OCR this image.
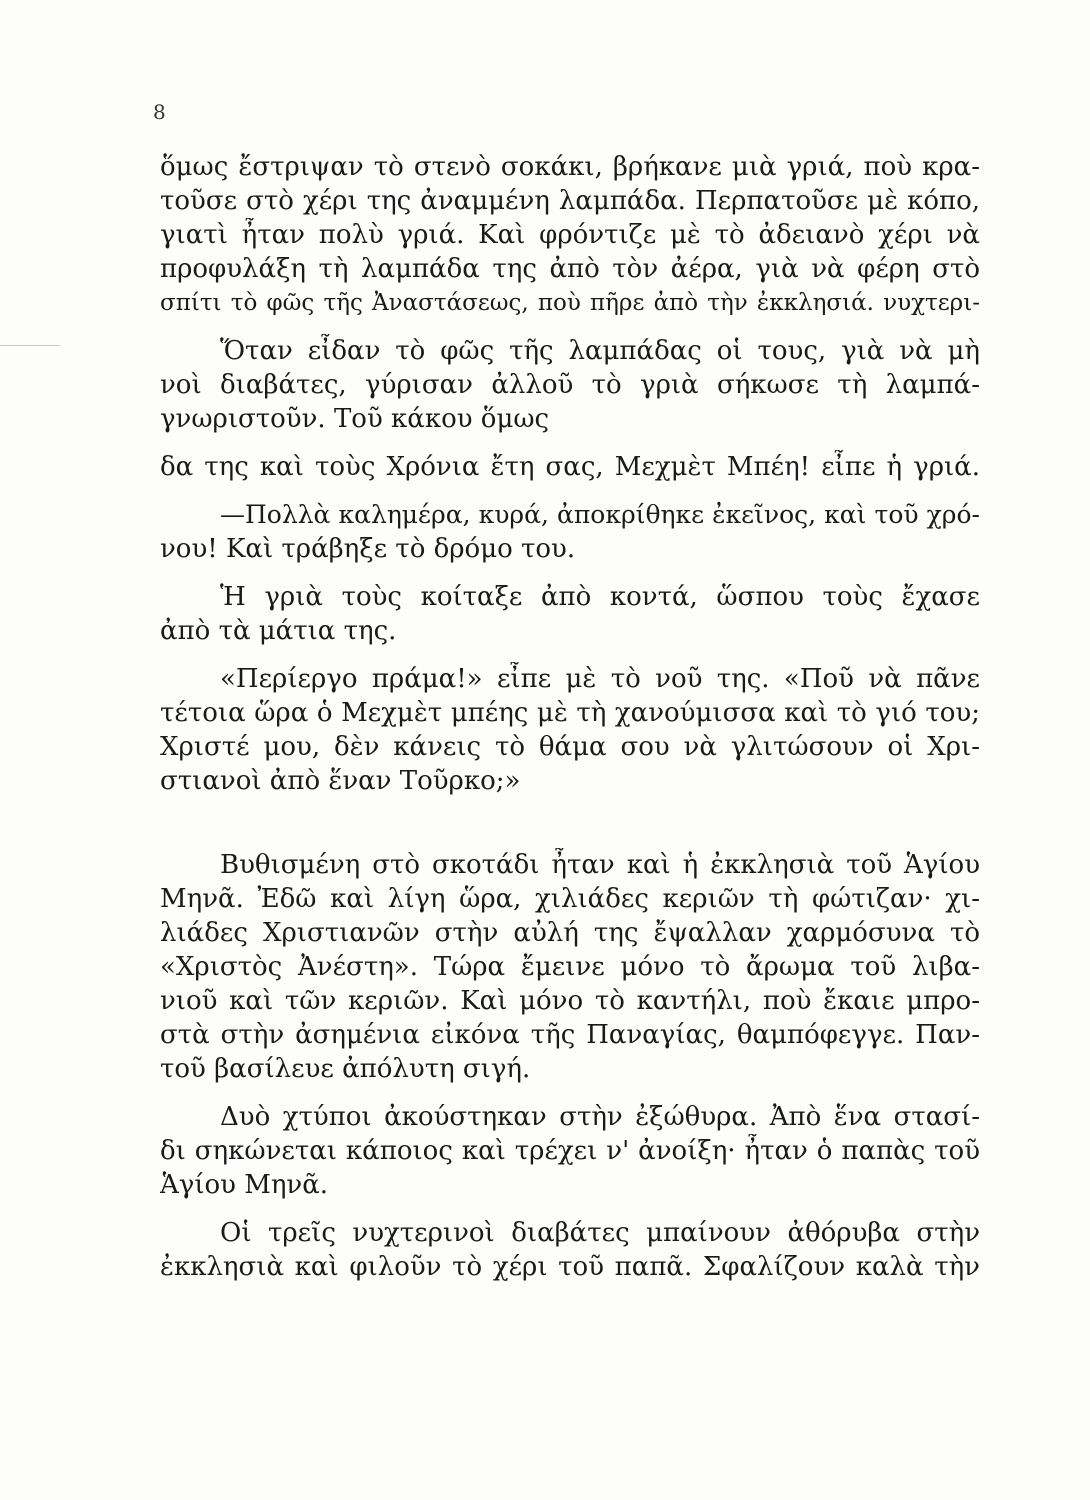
8
ὅμως ἔστριψαν τὸ στενὸ σοκάκι, βρήκανε μιὰ γριά, ποὺ κρα-
τοῦσε στὸ χέρι της ἀναμμένη λαμπάδα. Περπατοῦσε μὲ κόπο,
γιατὶ ἦταν πολὺ γριά. Καὶ φρόντιζε μὲ τὸ ἀδειανὸ χέρι νὰ
προφυλάξη τὴ λαμπάδα της ἀπὸ τὸν ἀέρα, γιὰ νὰ φέρη στὸ
σπίτι τὸ φῶς τῆς Ἀναστάσεως, ποὺ πῆρε ἀπὸ τὴν ἐκκλησιά. νυχτερι-
Ὅταν εἶδαν τὸ φῶς τῆς λαμπάδας οἱ τους, γιὰ νὰ μὴ
νοὶ διαβάτες, γύρισαν ἀλλοῦ τὸ γριὰ σήκωσε τὴ λαμπά-
γνωριστοῦν. Τοῦ κάκου ὅμως
δα της καὶ τοὺς Χρόνια ἔτη σας, Μεχμὲτ Μπέη! εἶπε ἡ γριά.
—Πολλὰ καλημέρα, κυρά, ἀποκρίθηκε ἐκεῖνος, καὶ τοῦ χρό-
νου! Καὶ τράβηξε τὸ δρόμο του.
Ἡ γριὰ τοὺς κοίταξε ἀπὸ κοντά, ὥσπου τοὺς ἔχασε
ἀπὸ τὰ μάτια της.
«Περίεργο πράμα!» εἶπε μὲ τὸ νοῦ της. «Ποῦ νὰ πᾶνε
τέτοια ὥρα ὁ Μεχμὲτ μπέης μὲ τὴ χανούμισσα καὶ τὸ γιό του;
Χριστέ μου, δὲν κάνεις τὸ θάμα σου νὰ γλιτώσουν οἱ Χρι-
στιανοὶ ἀπὸ ἕναν Τοῦρκο;»
Βυθισμένη στὸ σκοτάδι ἦταν καὶ ἡ ἐκκλησιὰ τοῦ Ἁγίου
Μηνᾶ. Ἐδῶ καὶ λίγη ὥρα, χιλιάδες κεριῶν τὴ φώτιζαν· χι-
λιάδες Χριστιανῶν στὴν αὐλή της ἔψαλλαν χαρμόσυνα τὸ
«Χριστὸς Ἀνέστη». Τώρα ἔμεινε μόνο τὸ ἄρωμα τοῦ λιβα-
νιοῦ καὶ τῶν κεριῶν. Καὶ μόνο τὸ καντήλι, ποὺ ἔκαιε μπρο-
στὰ στὴν ἀσημένια εἰκόνα τῆς Παναγίας, θαμπόφεγγε. Παν-
τοῦ βασίλευε ἀπόλυτη σιγή.
Δυὸ χτύποι ἀκούστηκαν στὴν ἐξώθυρα. Ἀπὸ ἕνα στασί-
δι σηκώνεται κάποιος καὶ τρέχει ν' ἀνοίξη· ἦταν ὁ παπὰς τοῦ
Ἁγίου Μηνᾶ.
Οἱ τρεῖς νυχτερινοὶ διαβάτες μπαίνουν ἀθόρυβα στὴν
ἐκκλησιὰ καὶ φιλοῦν τὸ χέρι τοῦ παπᾶ. Σφαλίζουν καλὰ τὴν
